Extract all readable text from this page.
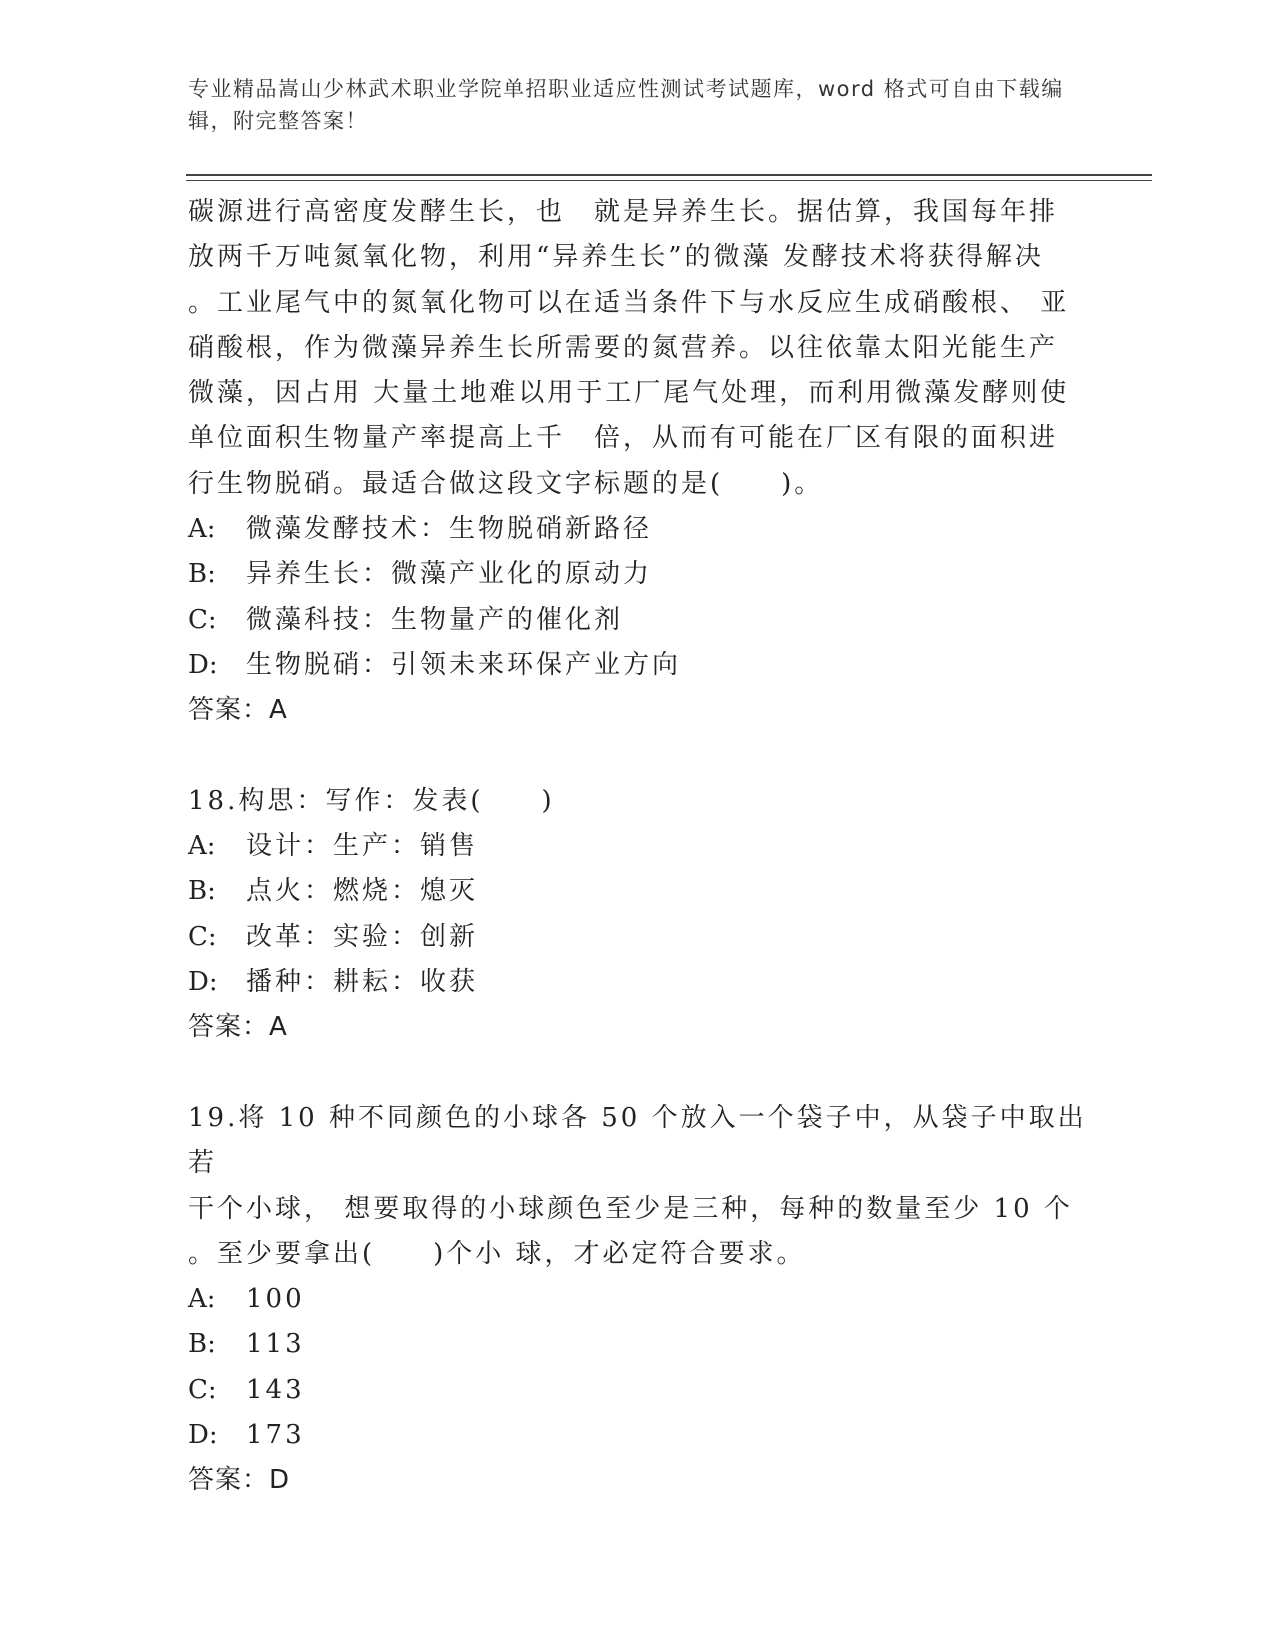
专业精品嵩山少林武术职业学院单招职业适应性测试考试题库，word 格式可自由下载编辑，附完整答案！
碳源进行高密度发酵生长，也　就是异养生长。据估算，我国每年排
放两千万吨氮氧化物，利用“异养生长”的微藻 发酵技术将获得解决
。工业尾气中的氮氧化物可以在适当条件下与水反应生成硝酸根、 亚
硝酸根，作为微藻异养生长所需要的氮营养。以往依靠太阳光能生产
微藻，因占用 大量土地难以用于工厂尾气处理，而利用微藻发酵则使
单位面积生物量产率提高上千　倍，从而有可能在厂区有限的面积进
行生物脱硝。最适合做这段文字标题的是(　　)。
A: 微藻发酵技术：生物脱硝新路径
B: 异养生长：微藻产业化的原动力
C: 微藻科技：生物量产的催化剂
D: 生物脱硝：引领未来环保产业方向
答案：A
18.构思：写作：发表(　　)
A: 设计：生产：销售
B: 点火：燃烧：熄灭
C: 改革：实验：创新
D: 播种：耕耘：收获
答案：A
19.将 10 种不同颜色的小球各 50 个放入一个袋子中，从袋子中取出若
干个小球， 想要取得的小球颜色至少是三种，每种的数量至少 10 个
。至少要拿出(　　)个小 球，才必定符合要求。
A: 100
B: 113
C: 143
D: 173
答案：D
